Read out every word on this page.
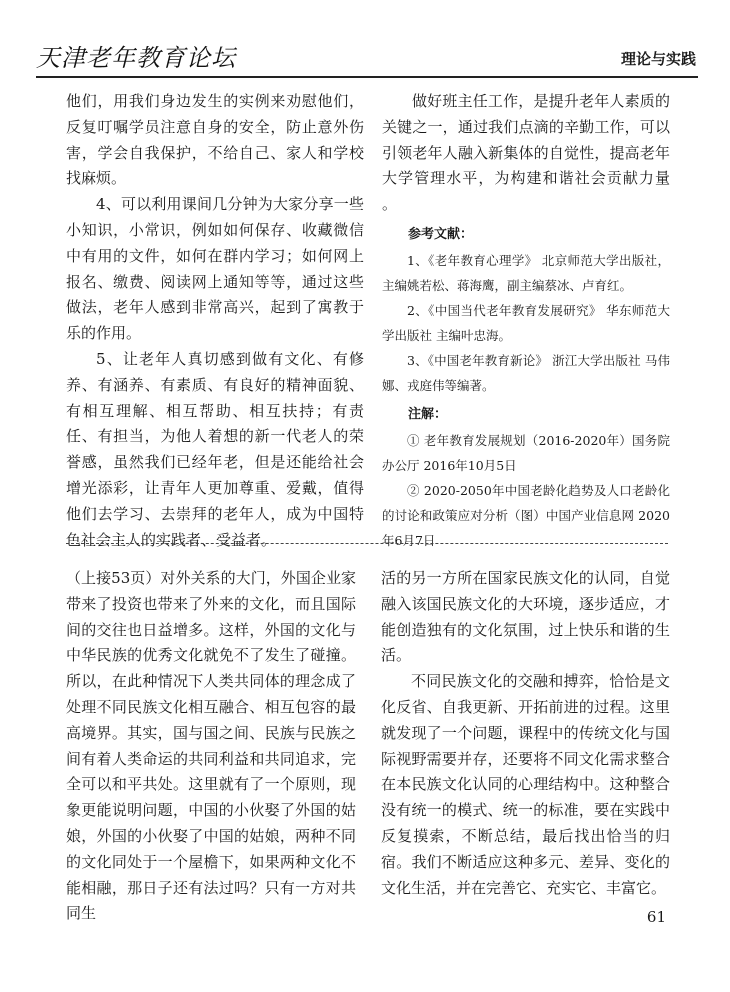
天津老年教育论坛	理论与实践

他们，用我们身边发生的实例来劝慰他们，反复叮嘱学员注意自身的安全，防止意外伤害，学会自我保护，不给自己、家人和学校找麻烦。

4、可以利用课间几分钟为大家分享一些小知识，小常识，例如如何保存、收藏微信中有用的文件，如何在群内学习；如何网上报名、缴费、阅读网上通知等等，通过这些做法，老年人感到非常高兴，起到了寓教于乐的作用。

5、让老年人真切感到做有文化、有修养、有涵养、有素质、有良好的精神面貌、有相互理解、相互帮助、相互扶持；有责任、有担当，为他人着想的新一代老人的荣誉感，虽然我们已经年老，但是还能给社会增光添彩，让青年人更加尊重、爱戴，值得他们去学习、去崇拜的老年人，成为中国特色社会主人的实践者、受益者。

做好班主任工作，是提升老年人素质的关键之一，通过我们点滴的辛勤工作，可以引领老年人融入新集体的自觉性，提高老年大学管理水平，为构建和谐社会贡献力量 。

参考文献：

1、《老年教育心理学》 北京师范大学出版社，主编姚若松、蒋海鹰，副主编蔡冰、卢育红。

2、《中国当代老年教育发展研究》 华东师范大学出版社 主编叶忠海。

3、《中国老年教育新论》 浙江大学出版社 马伟娜、戎庭伟等编著。

注解：

① 老年教育发展规划（2016-2020年）国务院办公厅 2016年10月5日

② 2020-2050年中国老龄化趋势及人口老龄化的讨论和政策应对分析（图）中国产业信息网 2020年6月7日

（上接53页）对外关系的大门，外国企业家带来了投资也带来了外来的文化，而且国际间的交往也日益增多。这样，外国的文化与中华民族的优秀文化就免不了发生了碰撞。所以，在此种情况下人类共同体的理念成了处理不同民族文化相互融合、相互包容的最高境界。其实，国与国之间、民族与民族之间有着人类命运的共同利益和共同追求，完全可以和平共处。这里就有了一个原则，现象更能说明问题，中国的小伙娶了外国的姑娘，外国的小伙娶了中国的姑娘，两种不同的文化同处于一个屋檐下，如果两种文化不能相融，那日子还有法过吗？只有一方对共同生

活的另一方所在国家民族文化的认同，自觉融入该国民族文化的大环境，逐步适应，才能创造独有的文化氛围，过上快乐和谐的生活。

不同民族文化的交融和搏弈，恰恰是文化反省、自我更新、开拓前进的过程。这里就发现了一个问题，课程中的传统文化与国际视野需要并存，还要将不同文化需求整合在本民族文化认同的心理结构中。这种整合没有统一的模式、统一的标准，要在实践中反复摸索，不断总结，最后找出恰当的归宿。我们不断适应这种多元、差异、变化的文化生活，并在完善它、充实它、丰富它。

61
